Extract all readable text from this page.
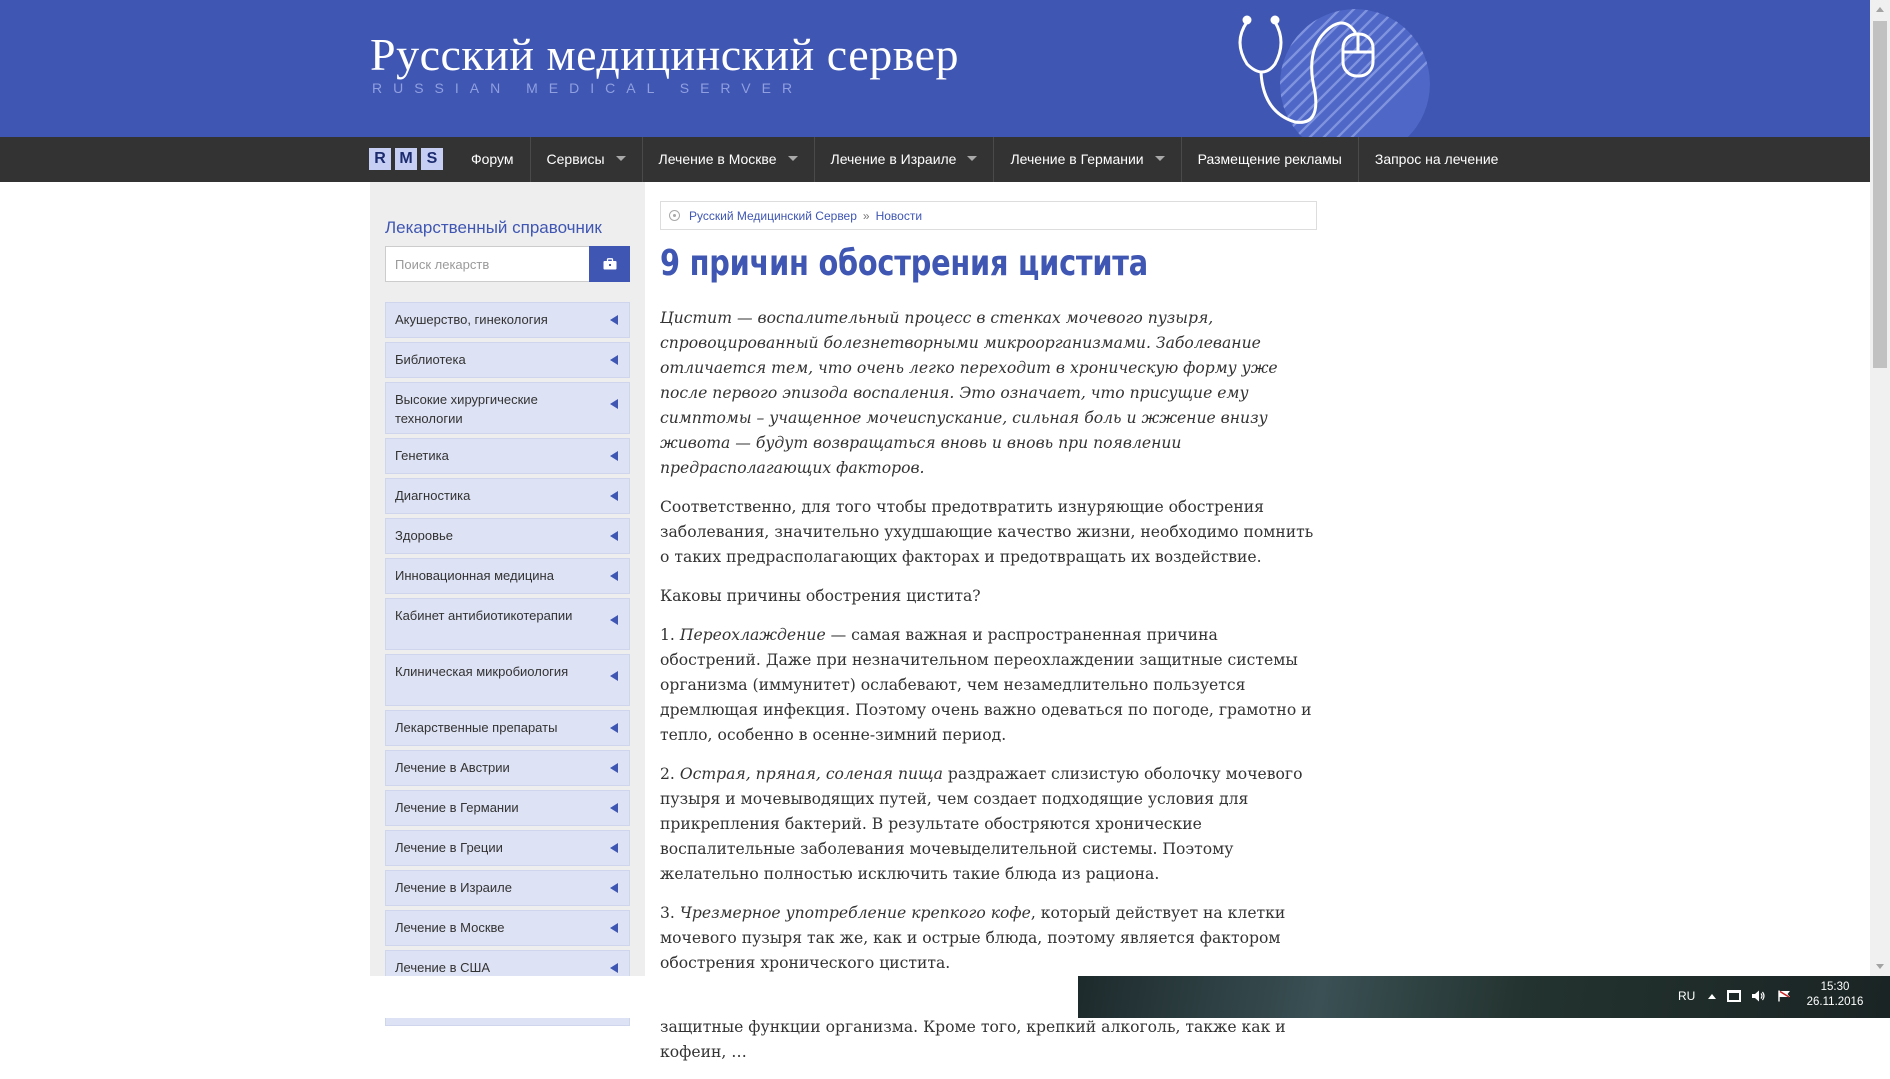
Русский медицинский сервер
RUSSIAN MEDICAL SERVER
R M S	Форум	Сервисы	Лечение в Москве	Лечение в Израиле	Лечение в Германии	Размещение рекламы	Запрос на лечение
Лекарственный справочник
Поиск лекарств
Акушерство, гинекология
Библиотека
Высокие хирургические технологии
Генетика
Диагностика
Здоровье
Инновационная медицина
Кабинет антибиотикотерапии
Клиническая микробиология
Лекарственные препараты
Лечение в Австрии
Лечение в Германии
Лечение в Греции
Лечение в Израиле
Лечение в Москве
Лечение в США
Русский Медицинский Сервер » Новости
9 причин обострения цистита

Цистит — воспалительный процесс в стенках мочевого пузыря, спровоцированный болезнетворными микроорганизмами. Заболевание отличается тем, что очень легко переходит в хроническую форму уже после первого эпизода воспаления. Это означает, что присущие ему симптомы – учащенное мочеиспускание, сильная боль и жжение внизу живота — будут возвращаться вновь и вновь при появлении предрасполагающих факторов.

Соответственно, для того чтобы предотвратить изнуряющие обострения заболевания, значительно ухудшающие качество жизни, необходимо помнить о таких предрасполагающих факторах и предотвращать их воздействие.

Каковы причины обострения цистита?

1. Переохлаждение — самая важная и распространенная причина обострений. Даже при незначительном переохлаждении защитные системы организма (иммунитет) ослабевают, чем незамедлительно пользуется дремлющая инфекция. Поэтому очень важно одеваться по погоде, грамотно и тепло, особенно в осенне-зимний период.

2. Острая, пряная, соленая пища раздражает слизистую оболочку мочевого пузыря и мочевыводящих путей, чем создает подходящие условия для прикрепления бактерий. В результате обостряются хронические воспалительные заболевания мочевыделительной системы. Поэтому желательно полностью исключить такие блюда из рациона.

3. Чрезмерное употребление крепкого кофе, который действует на клетки мочевого пузыря так же, как и острые блюда, поэтому является фактором обострения хронического цистита.

защитные функции организма. Кроме того, крепкий алкоголь, также как и кофеин, …

RU
15:30
26.11.2016
